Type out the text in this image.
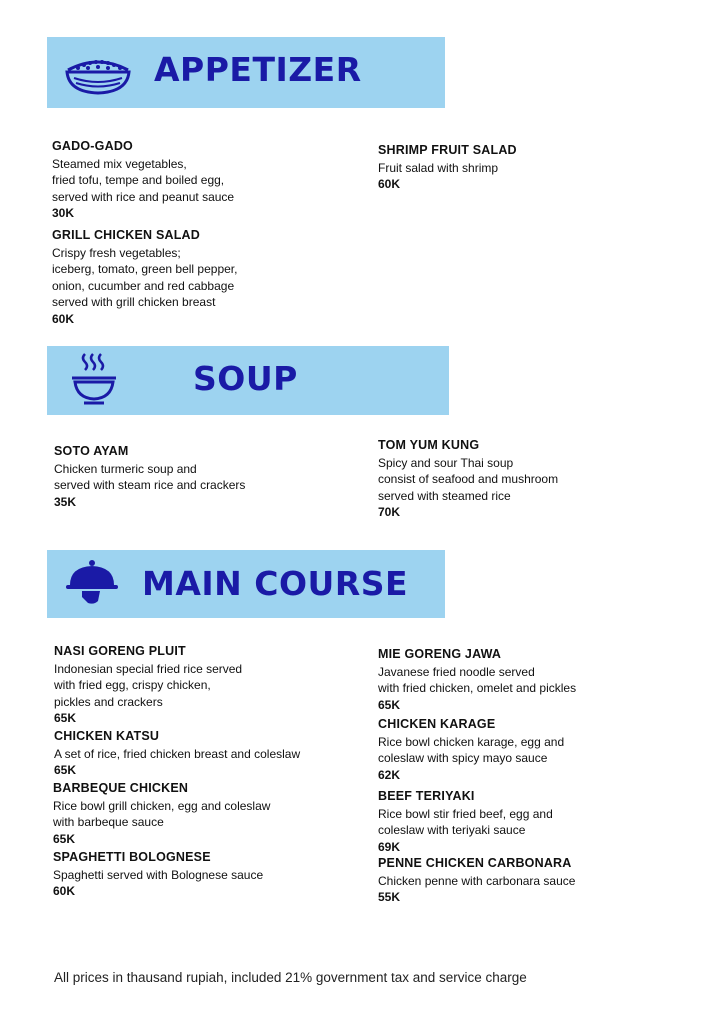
APPETIZER
GADO-GADO
Steamed mix vegetables,
fried tofu, tempe and boiled egg,
served with rice and peanut sauce
30K
GRILL CHICKEN SALAD
Crispy fresh vegetables;
iceberg, tomato, green bell pepper,
onion, cucumber and red cabbage
served with grill chicken breast
60K
SHRIMP FRUIT SALAD
Fruit salad with shrimp
60K
SOUP
SOTO AYAM
Chicken turmeric soup and
served with steam rice and crackers
35K
TOM YUM KUNG
Spicy and sour Thai soup
consist of seafood and mushroom
served with steamed rice
70K
MAIN COURSE
NASI GORENG PLUIT
Indonesian special fried rice served
with fried egg, crispy chicken,
pickles and crackers
65K
CHICKEN KATSU
A set of rice, fried chicken breast and coleslaw
65K
BARBEQUE CHICKEN
Rice bowl grill chicken, egg and coleslaw
with barbeque sauce
65K
SPAGHETTI BOLOGNESE
Spaghetti served with Bolognese sauce
60K
MIE GORENG JAWA
Javanese fried noodle served
with fried chicken, omelet and pickles
65K
CHICKEN KARAGE
Rice bowl chicken karage, egg and
coleslaw with spicy mayo sauce
62K
BEEF TERIYAKI
Rice bowl stir fried beef, egg and
coleslaw with teriyaki sauce
69K
PENNE CHICKEN CARBONARA
Chicken penne with carbonara sauce
55K
All prices in thausand rupiah, included 21% government tax and service charge
